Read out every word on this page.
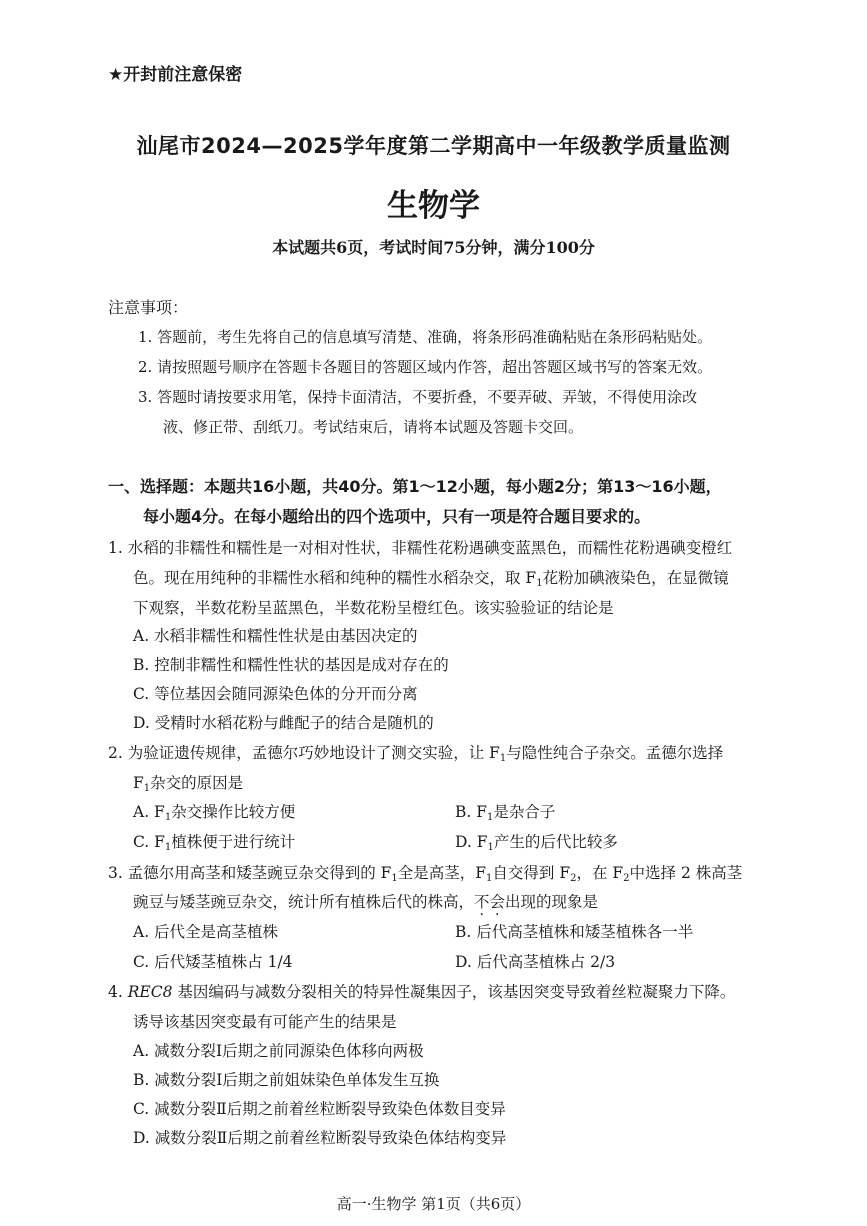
★开封前注意保密
汕尾市2024—2025学年度第二学期高中一年级教学质量监测
生物学
本试题共6页，考试时间75分钟，满分100分
注意事项：
1. 答题前，考生先将自己的信息填写清楚、准确，将条形码准确粘贴在条形码粘贴处。
2. 请按照题号顺序在答题卡各题目的答题区域内作答，超出答题区域书写的答案无效。
3. 答题时请按要求用笔，保持卡面清洁，不要折叠，不要弄破、弄皱，不得使用涂改
液、修正带、刮纸刀。考试结束后，请将本试题及答题卡交回。
一、选择题：本题共16小题，共40分。第1～12小题，每小题2分；第13～16小题，
每小题4分。在每小题给出的四个选项中，只有一项是符合题目要求的。
1. 水稻的非糯性和糯性是一对相对性状，非糯性花粉遇碘变蓝黑色，而糯性花粉遇碘变橙红
色。现在用纯种的非糯性水稻和纯种的糯性水稻杂交，取 $F_1$花粉加碘液染色，在显微镜
下观察，半数花粉呈蓝黑色，半数花粉呈橙红色。该实验验证的结论是
A. 水稻非糯性和糯性性状是由基因决定的
B. 控制非糯性和糯性性状的基因是成对存在的
C. 等位基因会随同源染色体的分开而分离
D. 受精时水稻花粉与雌配子的结合是随机的
2. 为验证遗传规律，孟德尔巧妙地设计了测交实验，让 $F_1$与隐性纯合子杂交。孟德尔选择
$F_1$杂交的原因是
A. $F_1$杂交操作比较方便	B. $F_1$是杂合子
C. $F_1$植株便于进行统计	D. $F_1$产生的后代比较多
3. 孟德尔用高茎和矮茎豌豆杂交得到的 $F_1$全是高茎，$F_1$自交得到 $F_2$，在 $F_2$中选择 2 株高茎
豌豆与矮茎豌豆杂交，统计所有植株后代的株高，不会出现的现象是
A. 后代全是高茎植株	B. 后代高茎植株和矮茎植株各一半
C. 后代矮茎植株占 1/4	D. 后代高茎植株占 2/3
4. REC8 基因编码与减数分裂相关的特异性凝集因子，该基因突变导致着丝粒凝聚力下降。
诱导该基因突变最有可能产生的结果是
A. 减数分裂Ⅰ后期之前同源染色体移向两极
B. 减数分裂Ⅰ后期之前姐妹染色单体发生互换
C. 减数分裂Ⅱ后期之前着丝粒断裂导致染色体数目变异
D. 减数分裂Ⅱ后期之前着丝粒断裂导致染色体结构变异
高一·生物学 第1页（共6页）
